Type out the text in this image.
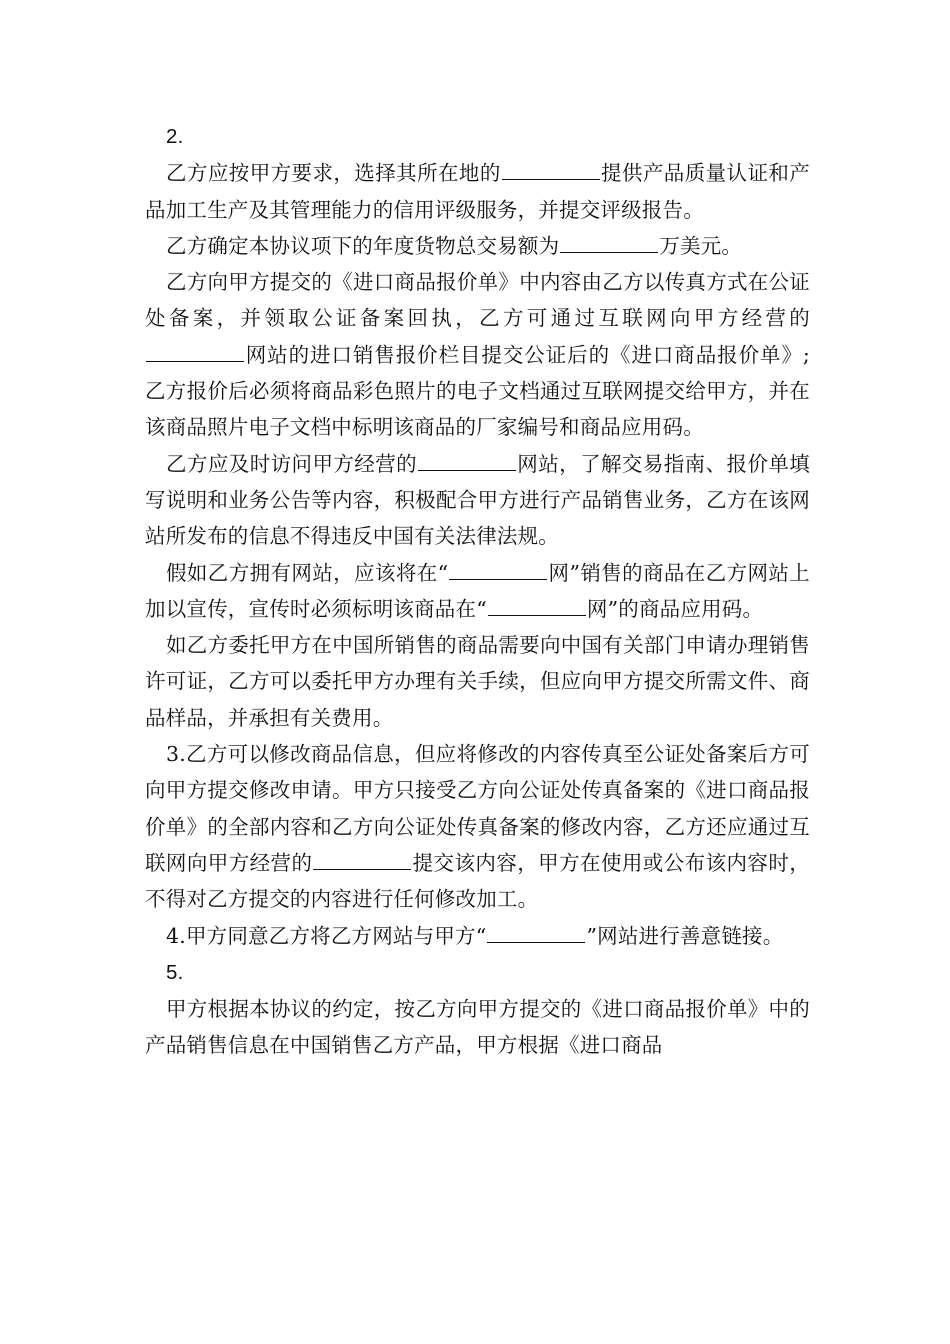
2.

乙方应按甲方要求，选择其所在地的	提供产品质量认证和产品加工生产及其管理能力的信用评级服务，并提交评级报告。

乙方确定本协议项下的年度货物总交易额为	万美元。

乙方向甲方提交的《进口商品报价单》中内容由乙方以传真方式在公证处备案，并领取公证备案回执，乙方可通过互联网向甲方经营的网站的进口销售报价栏目提交公证后的《进口商品报价单》;乙方报价后必须将商品彩色照片的电子文档通过互联网提交给甲方，并在该商品照片电子文档中标明该商品的厂家编号和商品应用码。

乙方应及时访问甲方经营的	网站，了解交易指南、报价单填写说明和业务公告等内容，积极配合甲方进行产品销售业务，乙方在该网站所发布的信息不得违反中国有关法律法规。

假如乙方拥有网站，应该将在“	网”销售的商品在乙方网站上加以宣传，宣传时必须标明该商品在“	网”的商品应用码。

如乙方委托甲方在中国所销售的商品需要向中国有关部门申请办理销售许可证，乙方可以委托甲方办理有关手续，但应向甲方提交所需文件、商品样品，并承担有关费用。

3.乙方可以修改商品信息，但应将修改的内容传真至公证处备案后方可向甲方提交修改申请。甲方只接受乙方向公证处传真备案的《进口商品报价单》的全部内容和乙方向公证处传真备案的修改内容，乙方还应通过互联网向甲方经营的	提交该内容，甲方在使用或公布该内容时，不得对乙方提交的内容进行任何修改加工。

4.甲方同意乙方将乙方网站与甲方“	”网站进行善意链接。

5.

甲方根据本协议的约定，按乙方向甲方提交的《进口商品报价单》中的产品销售信息在中国销售乙方产品，甲方根据《进口商品
